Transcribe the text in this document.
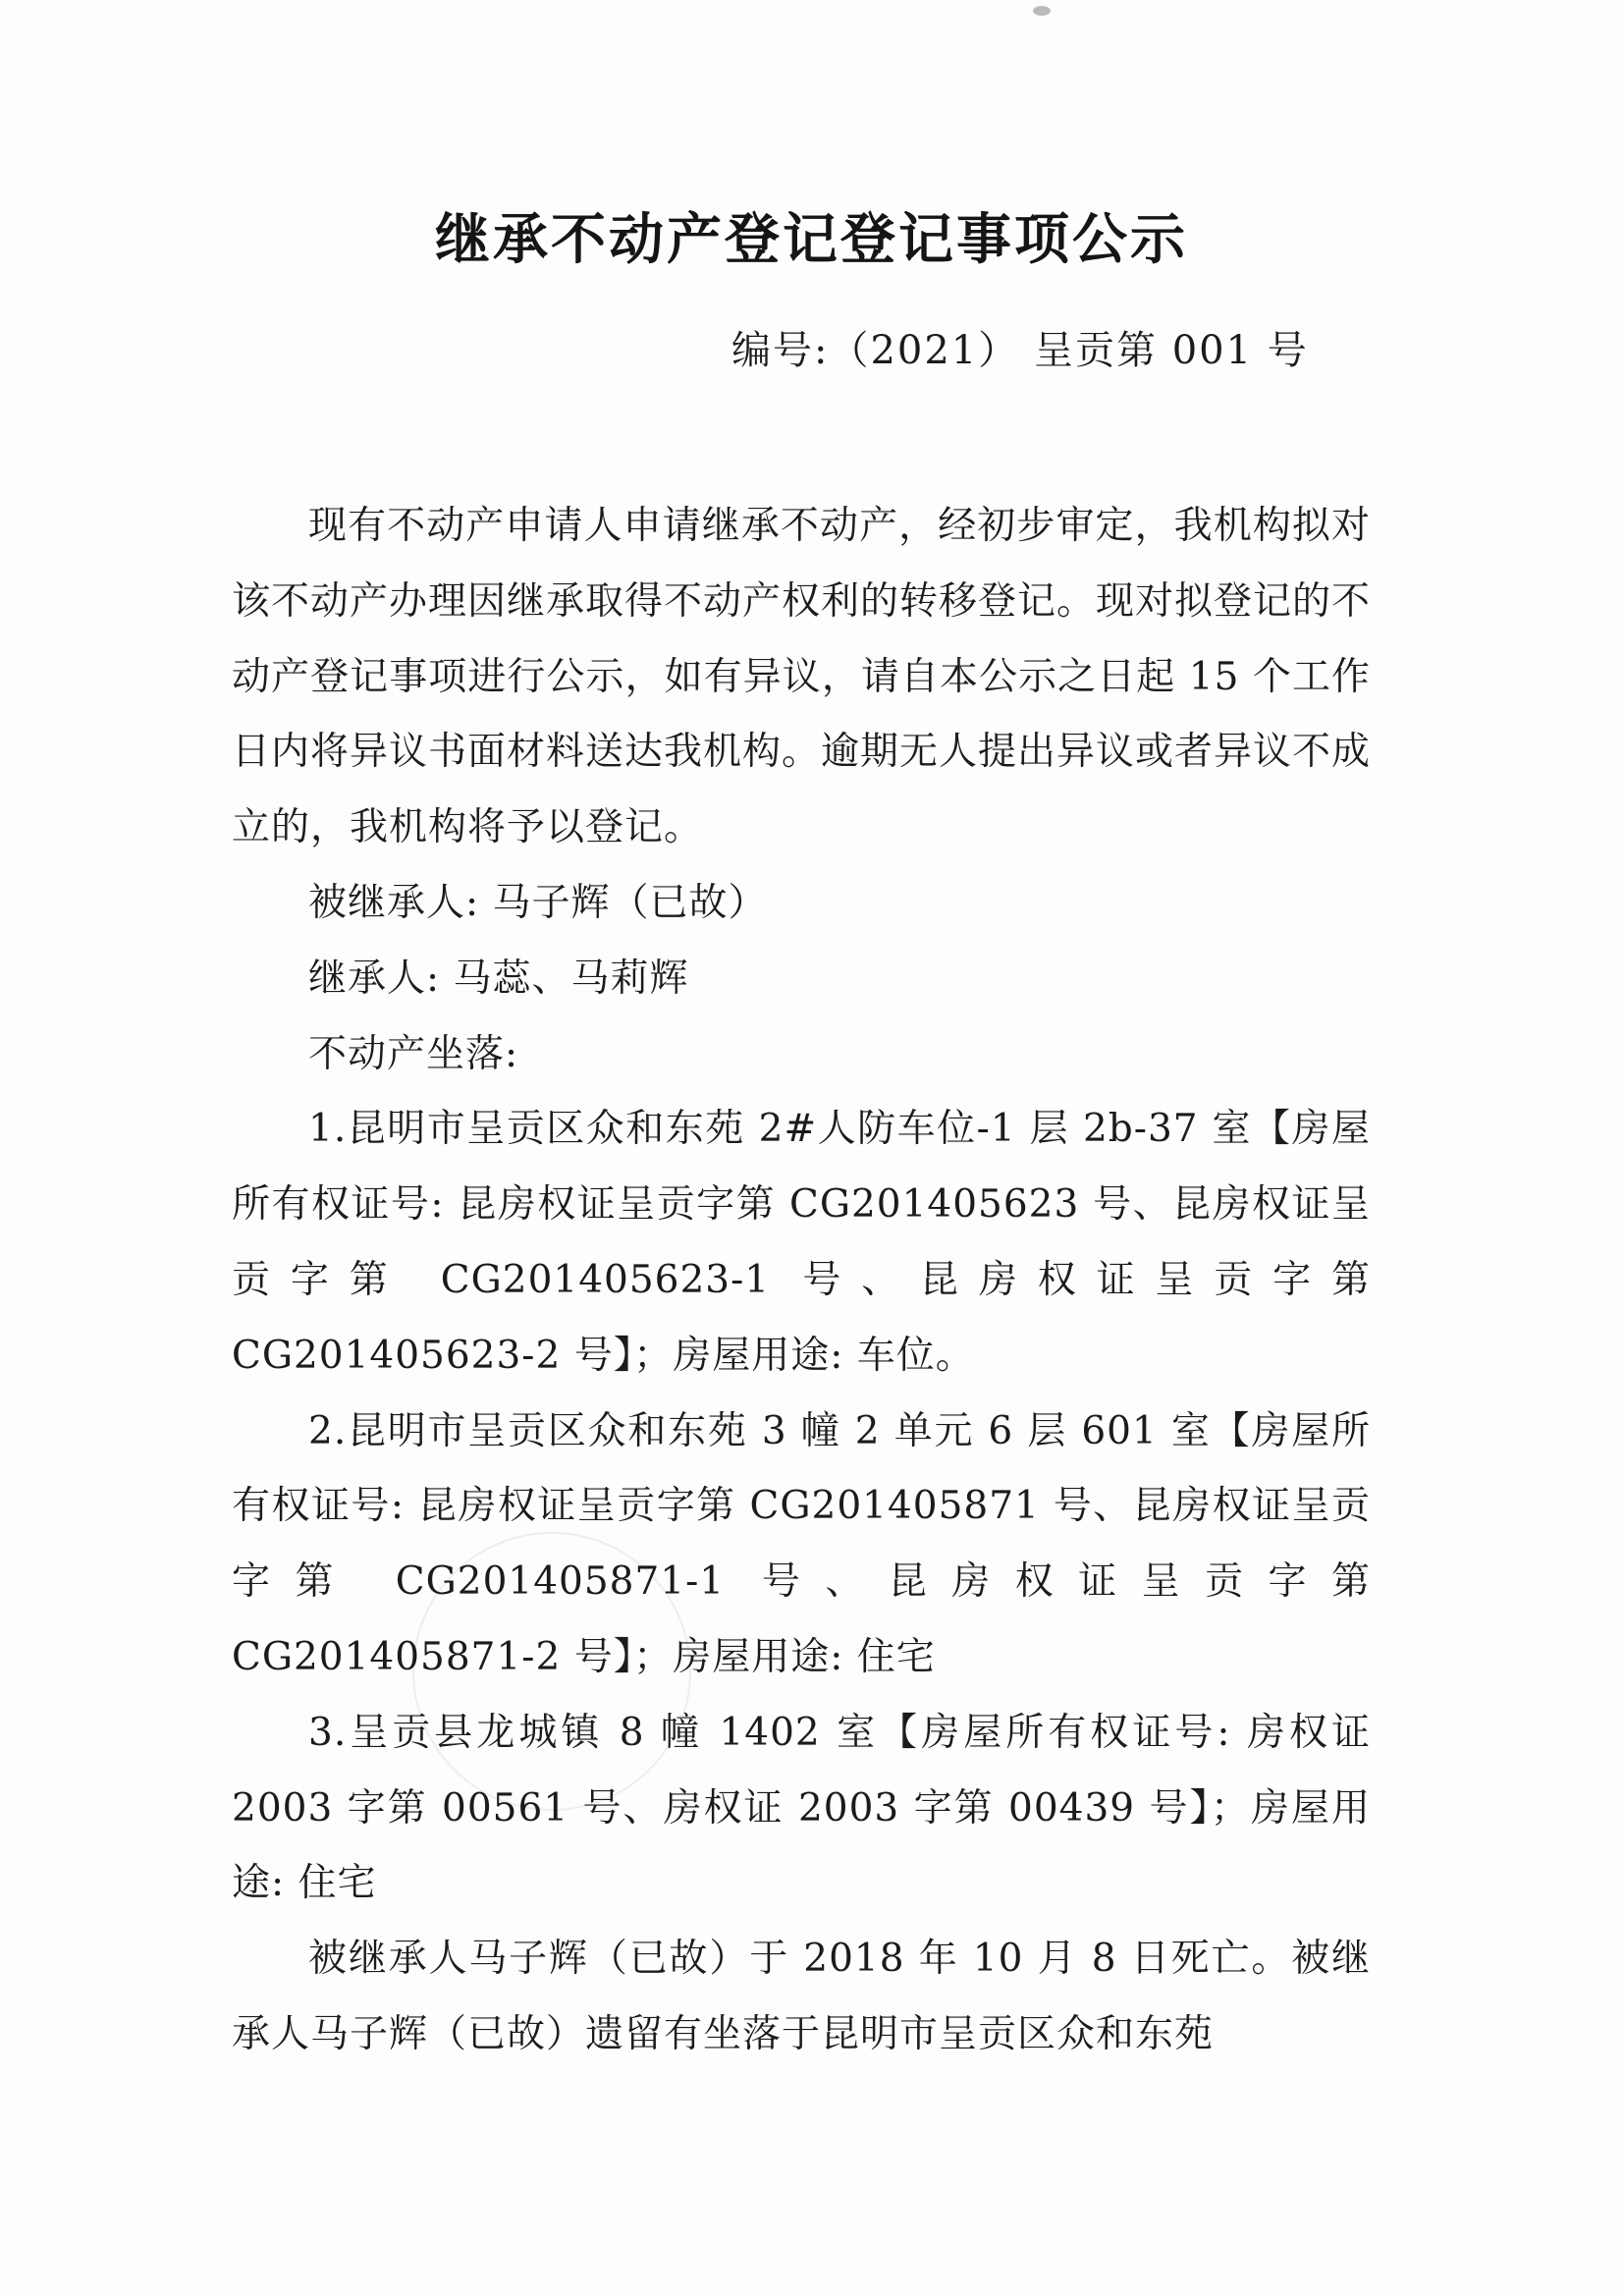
继承不动产登记登记事项公示
编号:（2021） 呈贡第 001 号

现有不动产申请人申请继承不动产，经初步审定，我机构拟对该不动产办理因继承取得不动产权利的转移登记。现对拟登记的不动产登记事项进行公示，如有异议，请自本公示之日起 15 个工作日内将异议书面材料送达我机构。逾期无人提出异议或者异议不成立的，我机构将予以登记。

被继承人: 马子辉（已故）

继承人: 马蕊、马莉辉

不动产坐落:

1.昆明市呈贡区众和东苑 2#人防车位-1 层 2b-37 室【房屋所有权证号: 昆房权证呈贡字第 CG201405623 号、昆房权证呈贡字第 CG201405623-1 号、昆房权证呈贡字第 CG201405623-2 号】；房屋用途: 车位。

2.昆明市呈贡区众和东苑 3 幢 2 单元 6 层 601 室【房屋所有权证号: 昆房权证呈贡字第 CG201405871 号、昆房权证呈贡字第 CG201405871-1 号、昆房权证呈贡字第 CG201405871-2 号】；房屋用途: 住宅

3.呈贡县龙城镇 8 幢 1402 室【房屋所有权证号: 房权证 2003 字第 00561 号、房权证 2003 字第 00439 号】；房屋用途: 住宅

被继承人马子辉（已故）于 2018 年 10 月 8 日死亡。被继承人马子辉（已故）遗留有坐落于昆明市呈贡区众和东苑
